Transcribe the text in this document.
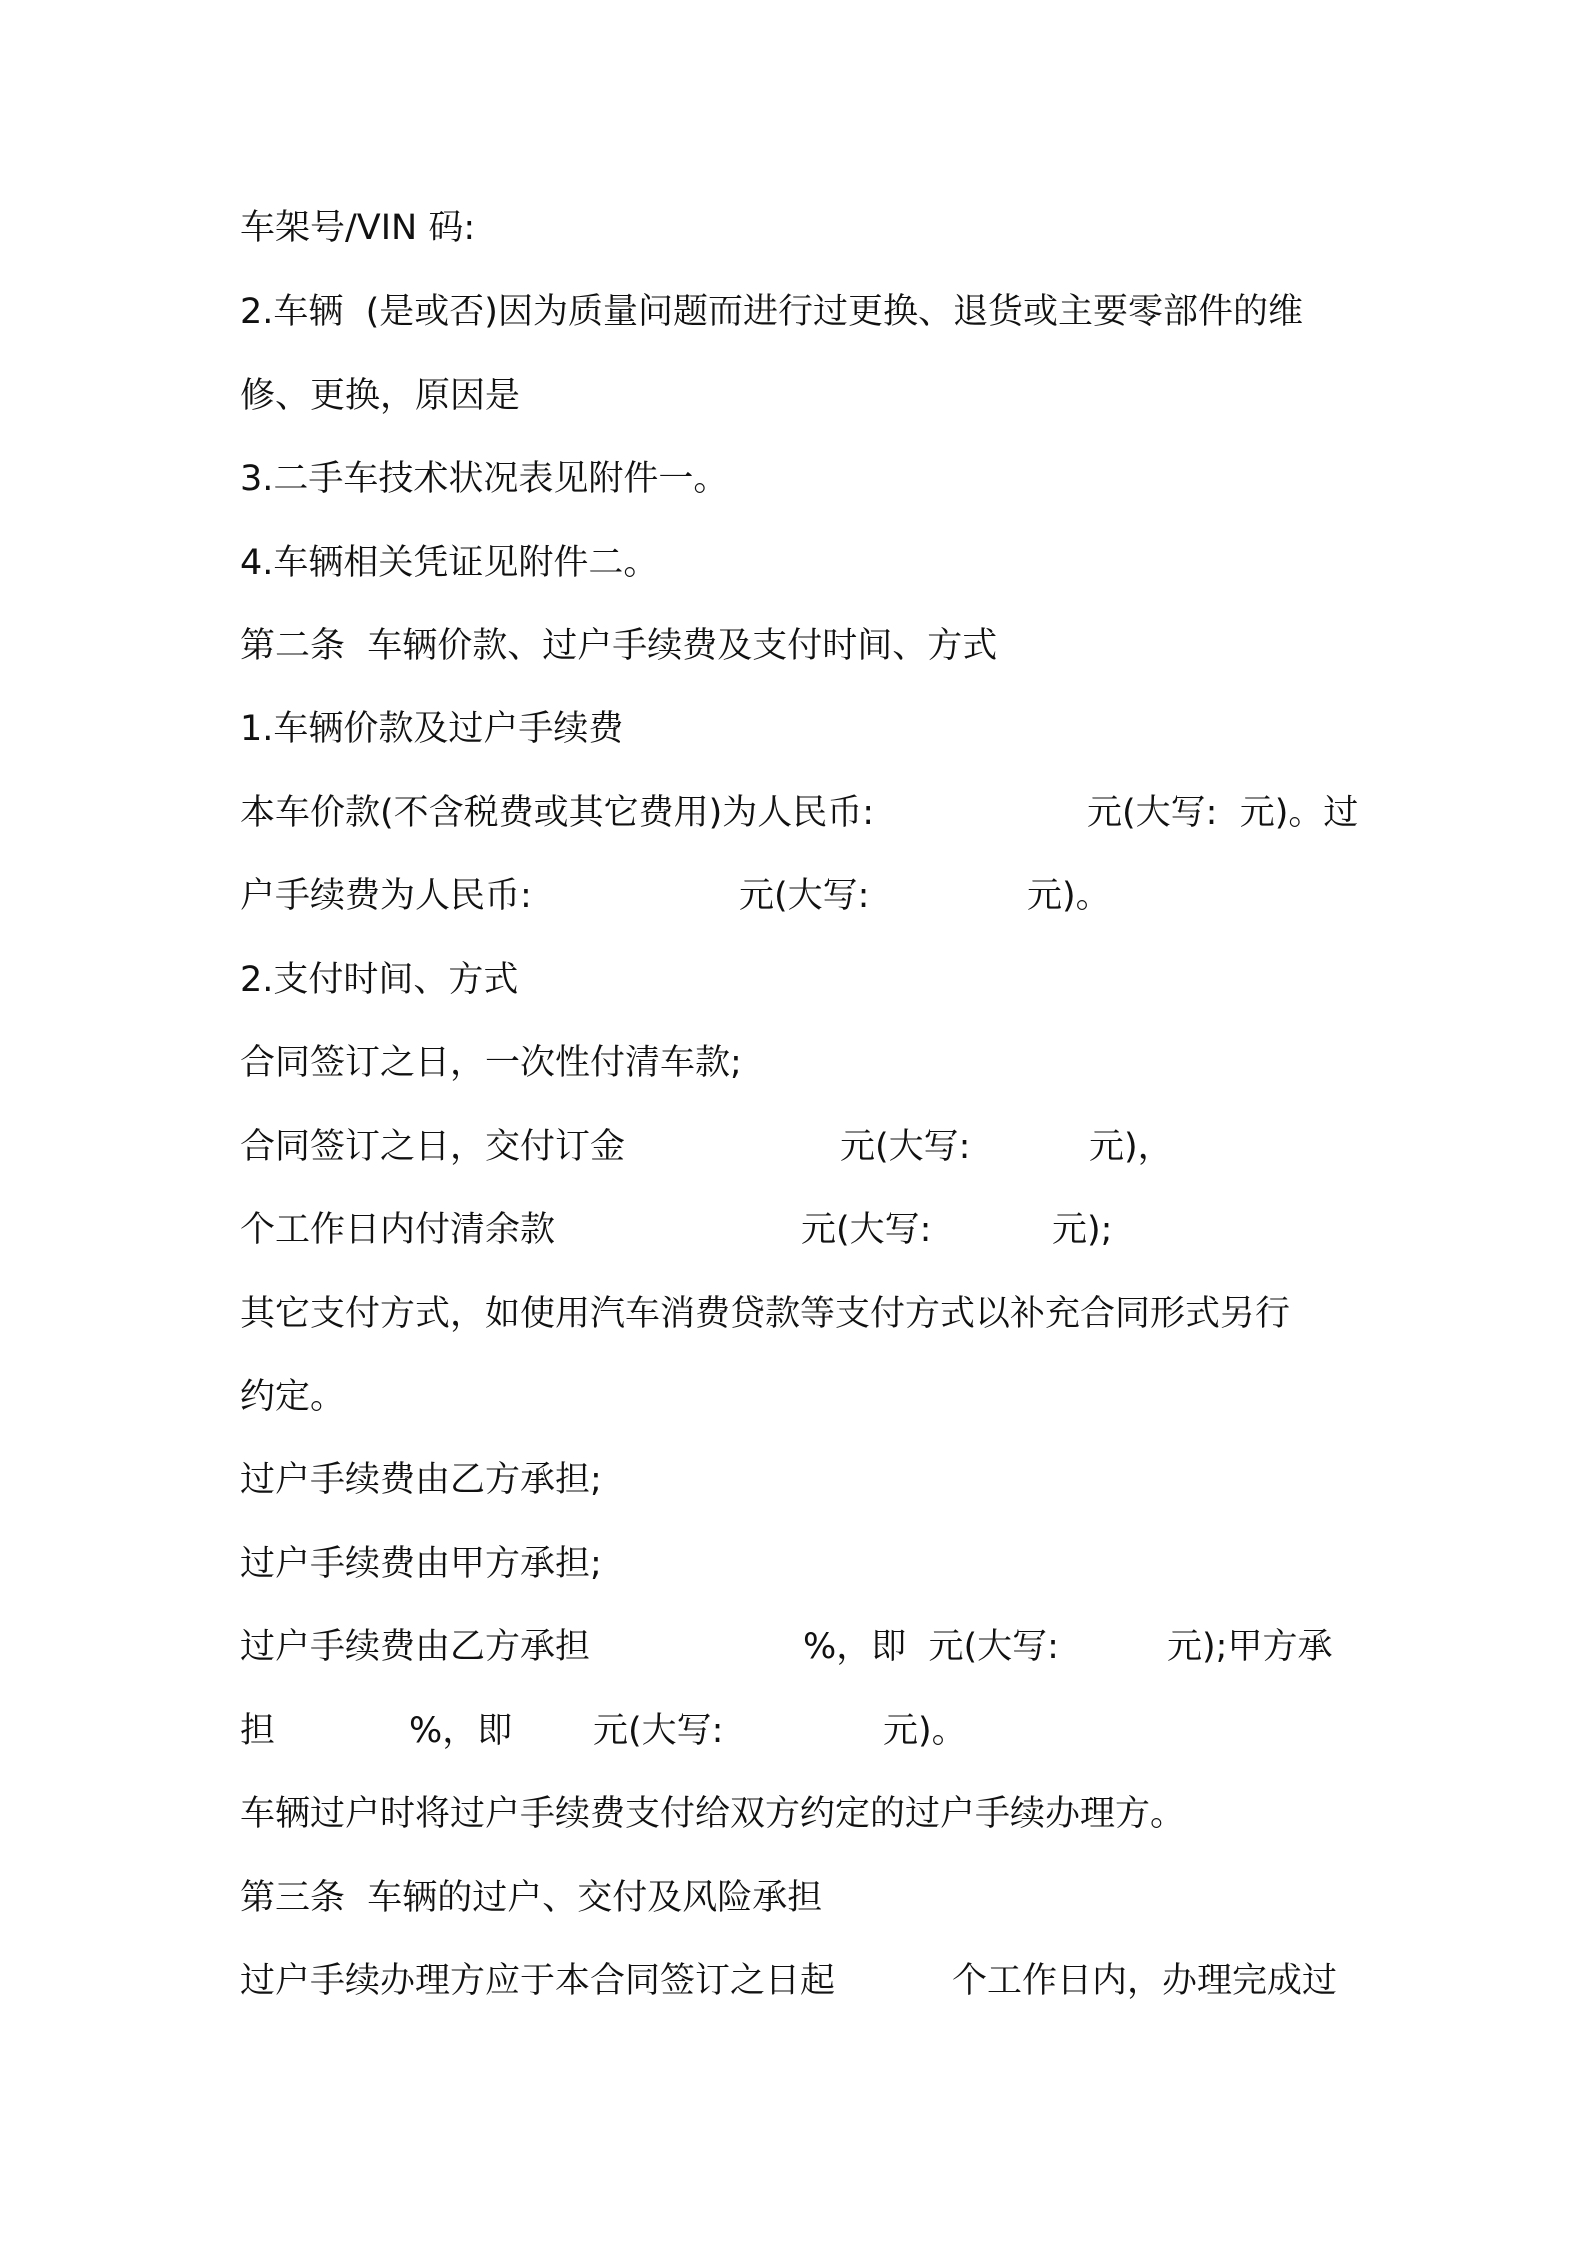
车架号/VIN 码:
2.车辆  (是或否)因为质量问题而进行过更换、退货或主要零部件的维
修、更换，原因是
3.二手车技术状况表见附件一。
4.车辆相关凭证见附件二。
第二条  车辆价款、过户手续费及支付时间、方式
1.车辆价款及过户手续费

本车价款(不含税费或其它费用)为人民币:

	元(大写:  元)。过

户手续费为人民币:

	元(大写:

	元)。

2.支付时间、方式
合同签订之日，一次性付清车款;

合同签订之日，交付订金

	元(大写:

	元)，

个工作日内付清余款

	元(大写:

	元);

其它支付方式，如使用汽车消费贷款等支付方式以补充合同形式另行
约定。
过户手续费由乙方承担;
过户手续费由甲方承担;

过户手续费由乙方承担

	%，即  元(大写:

	元);甲方承

担

	%，即

元(大写:

	元)。

车辆过户时将过户手续费支付给双方约定的过户手续办理方。
第三条  车辆的过户、交付及风险承担

过户手续办理方应于本合同签订之日起

	个工作日内，办理完成过
